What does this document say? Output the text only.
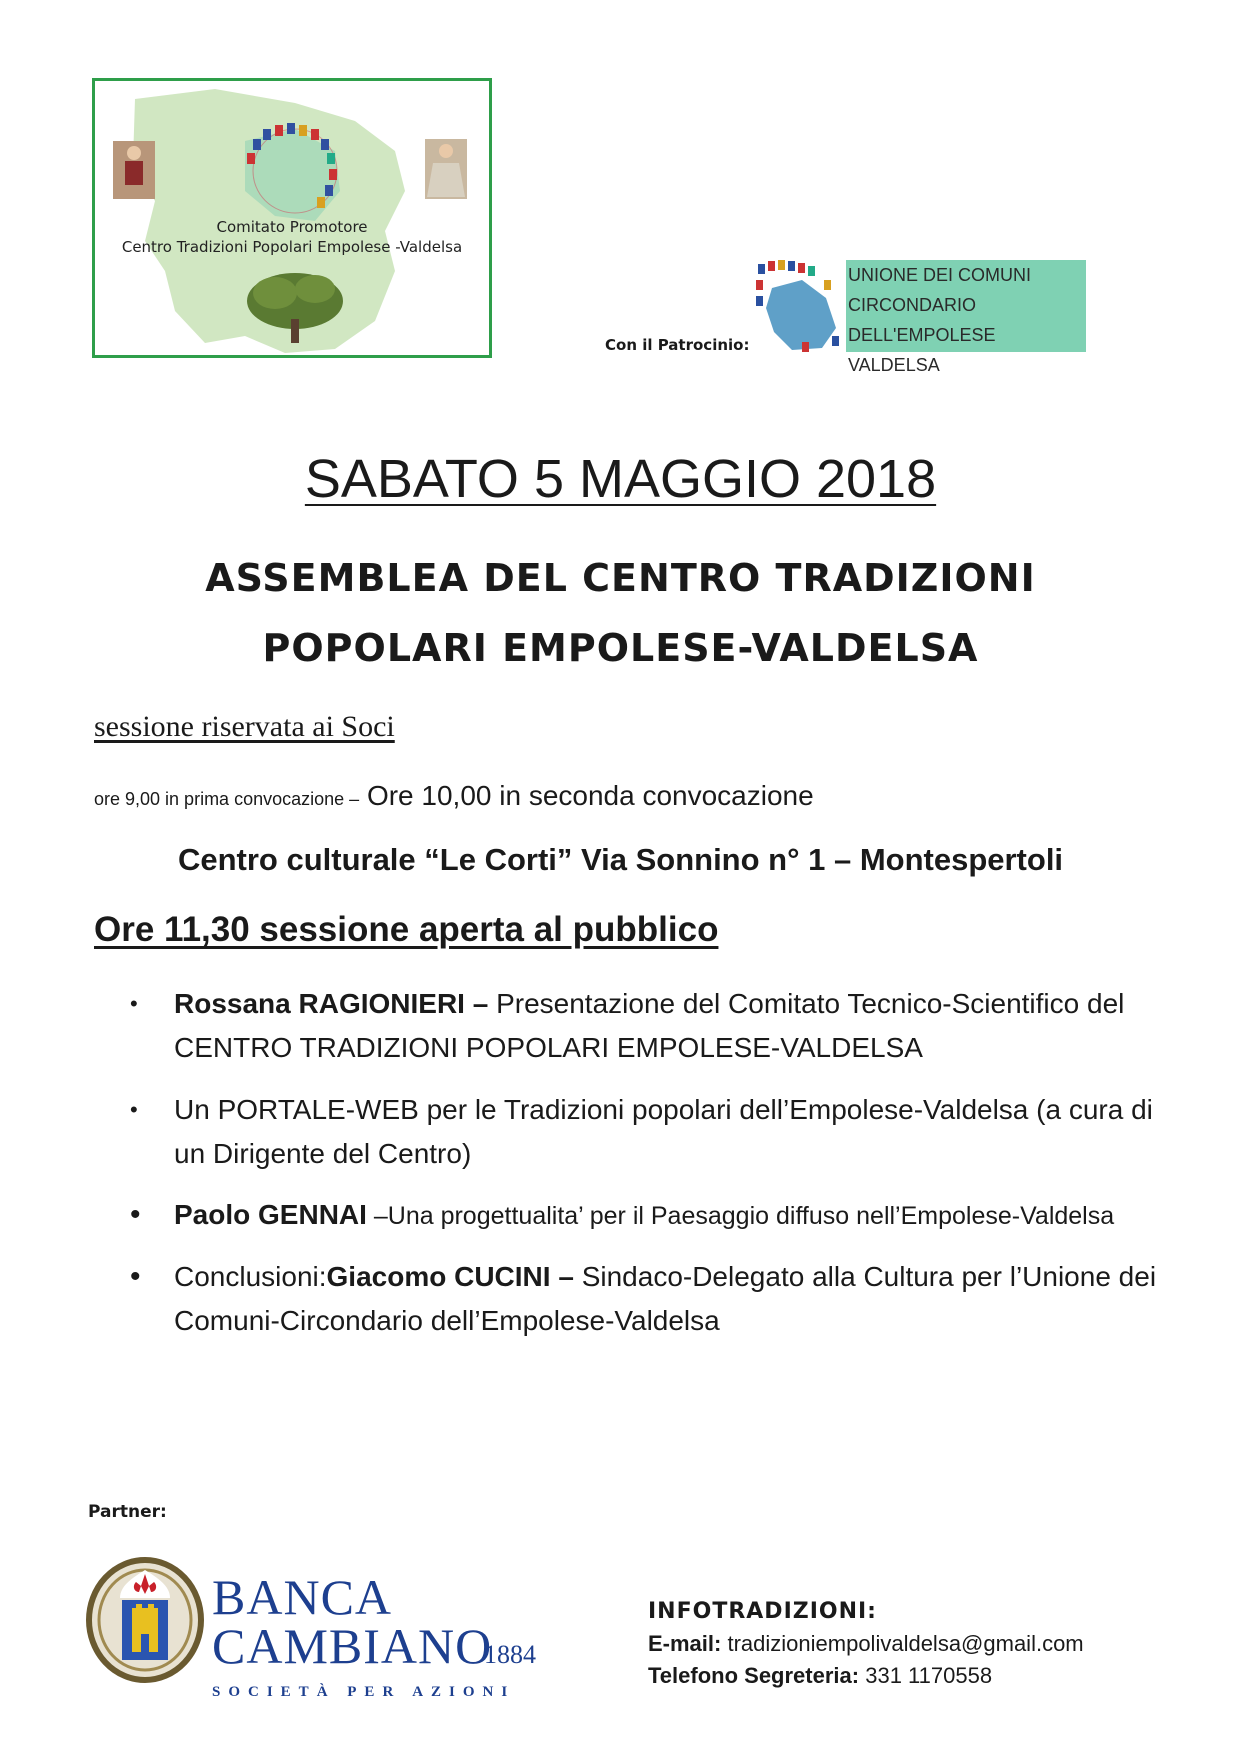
Comitato Promotore
Centro Tradizioni Popolari Empolese -Valdelsa
Con il Patrocinio:
UNIONE DEI COMUNI
CIRCONDARIO
DELL'EMPOLESE VALDELSA
SABATO 5 MAGGIO 2018
ASSEMBLEA DEL CENTRO TRADIZIONI
POPOLARI EMPOLESE-VALDELSA
sessione riservata ai Soci
ore 9,00 in prima convocazione – Ore 10,00 in seconda convocazione
Centro culturale “Le Corti” Via Sonnino n° 1 – Montespertoli
Ore 11,30 sessione aperta al pubblico
• Rossana RAGIONIERI – Presentazione del Comitato Tecnico-Scientifico del CENTRO TRADIZIONI POPOLARI EMPOLESE-VALDELSA
• Un PORTALE-WEB per le Tradizioni popolari dell’Empolese-Valdelsa (a cura di un Dirigente del Centro)
• Paolo GENNAI –Una progettualita’ per il Paesaggio diffuso nell’Empolese-Valdelsa
• Conclusioni:Giacomo CUCINI – Sindaco-Delegato alla Cultura per l’Unione dei Comuni-Circondario dell’Empolese-Valdelsa
Partner:
BANCA
CAMBIANO
1884
SOCIETÀ PER AZIONI
INFOTRADIZIONI:
E-mail: tradizioniempolivaldelsa@gmail.com
Telefono Segreteria: 331 1170558
